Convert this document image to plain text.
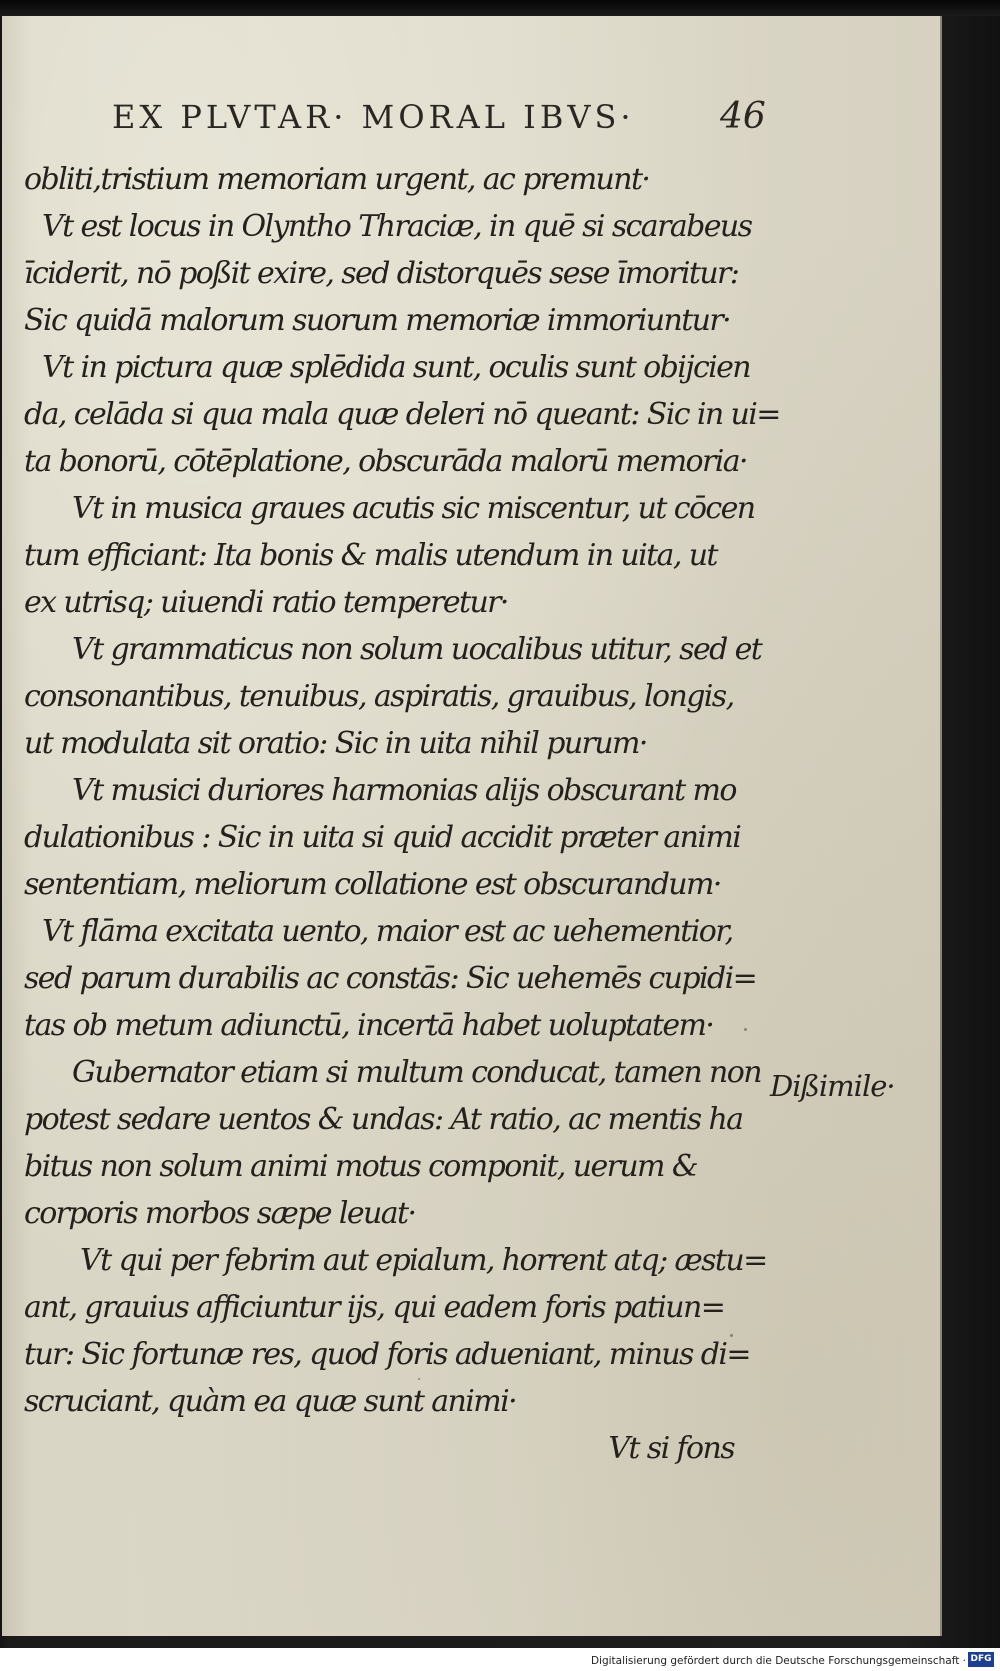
EX PLVTAR· MORAL IBVS·	46
obliti,tristium memoriam urgent, ac premunt·
Vt est locus in Olyntho Thraciæ, in quē si scarabeus
īciderit, nō poßit exire, sed distorquēs sese īmoritur:
Sic quidā malorum suorum memoriæ immoriuntur·
Vt in pictura quæ splēdida sunt, oculis sunt obijcien
da, celāda si qua mala quæ deleri nō queant: Sic in ui=
ta bonorū, cōtēplatione, obscurāda malorū memoria·
Vt in musica graues acutis sic miscentur, ut cōcen
tum efficiant: Ita bonis & malis utendum in uita, ut
ex utrisq; uiuendi ratio temperetur·
Vt grammaticus non solum uocalibus utitur, sed et
consonantibus, tenuibus, aspiratis, grauibus, longis,
ut modulata sit oratio: Sic in uita nihil purum·
Vt musici duriores harmonias alijs obscurant mo
dulationibus : Sic in uita si quid accidit præter animi
sententiam, meliorum collatione est obscurandum·
Vt flāma excitata uento, maior est ac uehementior,
sed parum durabilis ac constās: Sic uehemēs cupidi=
tas ob metum adiunctū, incertā habet uoluptatem·
Gubernator etiam si multum conducat, tamen non
potest sedare uentos & undas: At ratio, ac mentis ha
bitus non solum animi motus componit, uerum &
corporis morbos sæpe leuat·
Vt qui per febrim aut epialum, horrent atq; æstu=
ant, grauius afficiuntur ijs, qui eadem foris patiun=
tur: Sic fortunæ res, quod foris adueniant, minus di=
scruciant, quàm ea quæ sunt animi·
Vt si fons
Dißimile·
Digitalisierung gefördert durch die Deutsche Forschungsgemeinschaft · DFG
